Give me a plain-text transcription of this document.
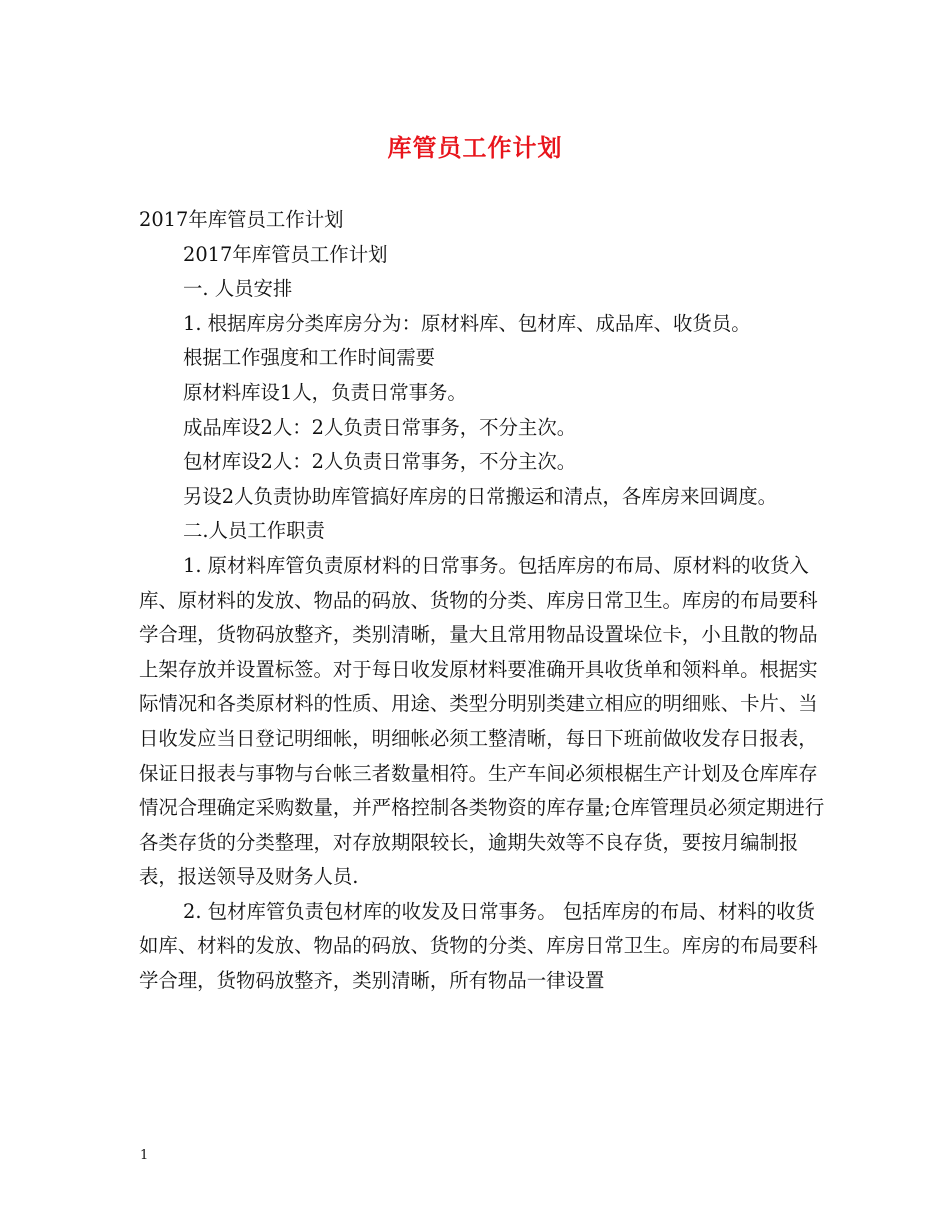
库管员工作计划

2017年库管员工作计划

2017年库管员工作计划

一. 人员安排

1. 根据库房分类库房分为：原材料库、包材库、成品库、收货员。

根据工作强度和工作时间需要

原材料库设1人，负责日常事务。

成品库设2人：2人负责日常事务，不分主次。

包材库设2人：2人负责日常事务，不分主次。

另设2人负责协助库管搞好库房的日常搬运和清点，各库房来回调度。

二.人员工作职责

1. 原材料库管负责原材料的日常事务。包括库房的布局、原材料的收货入库、原材料的发放、物品的码放、货物的分类、库房日常卫生。库房的布局要科学合理，货物码放整齐，类别清晰，量大且常用物品设置垛位卡，小且散的物品上架存放并设置标签。对于每日收发原材料要准确开具收货单和领料单。根据实际情况和各类原材料的性质、用途、类型分明别类建立相应的明细账、卡片、当日收发应当日登记明细帐，明细帐必须工整清晰，每日下班前做收发存日报表，保证日报表与事物与台帐三者数量相符。生产车间必须根椐生产计划及仓库库存情况合理确定采购数量，并严格控制各类物资的库存量;仓库管理员必须定期进行各类存货的分类整理，对存放期限较长，逾期失效等不良存货，要按月编制报表，报送领导及财务人员.

2. 包材库管负责包材库的收发及日常事务。 包括库房的布局、材料的收货如库、材料的发放、物品的码放、货物的分类、库房日常卫生。库房的布局要科学合理，货物码放整齐，类别清晰，所有物品一律设置

1
